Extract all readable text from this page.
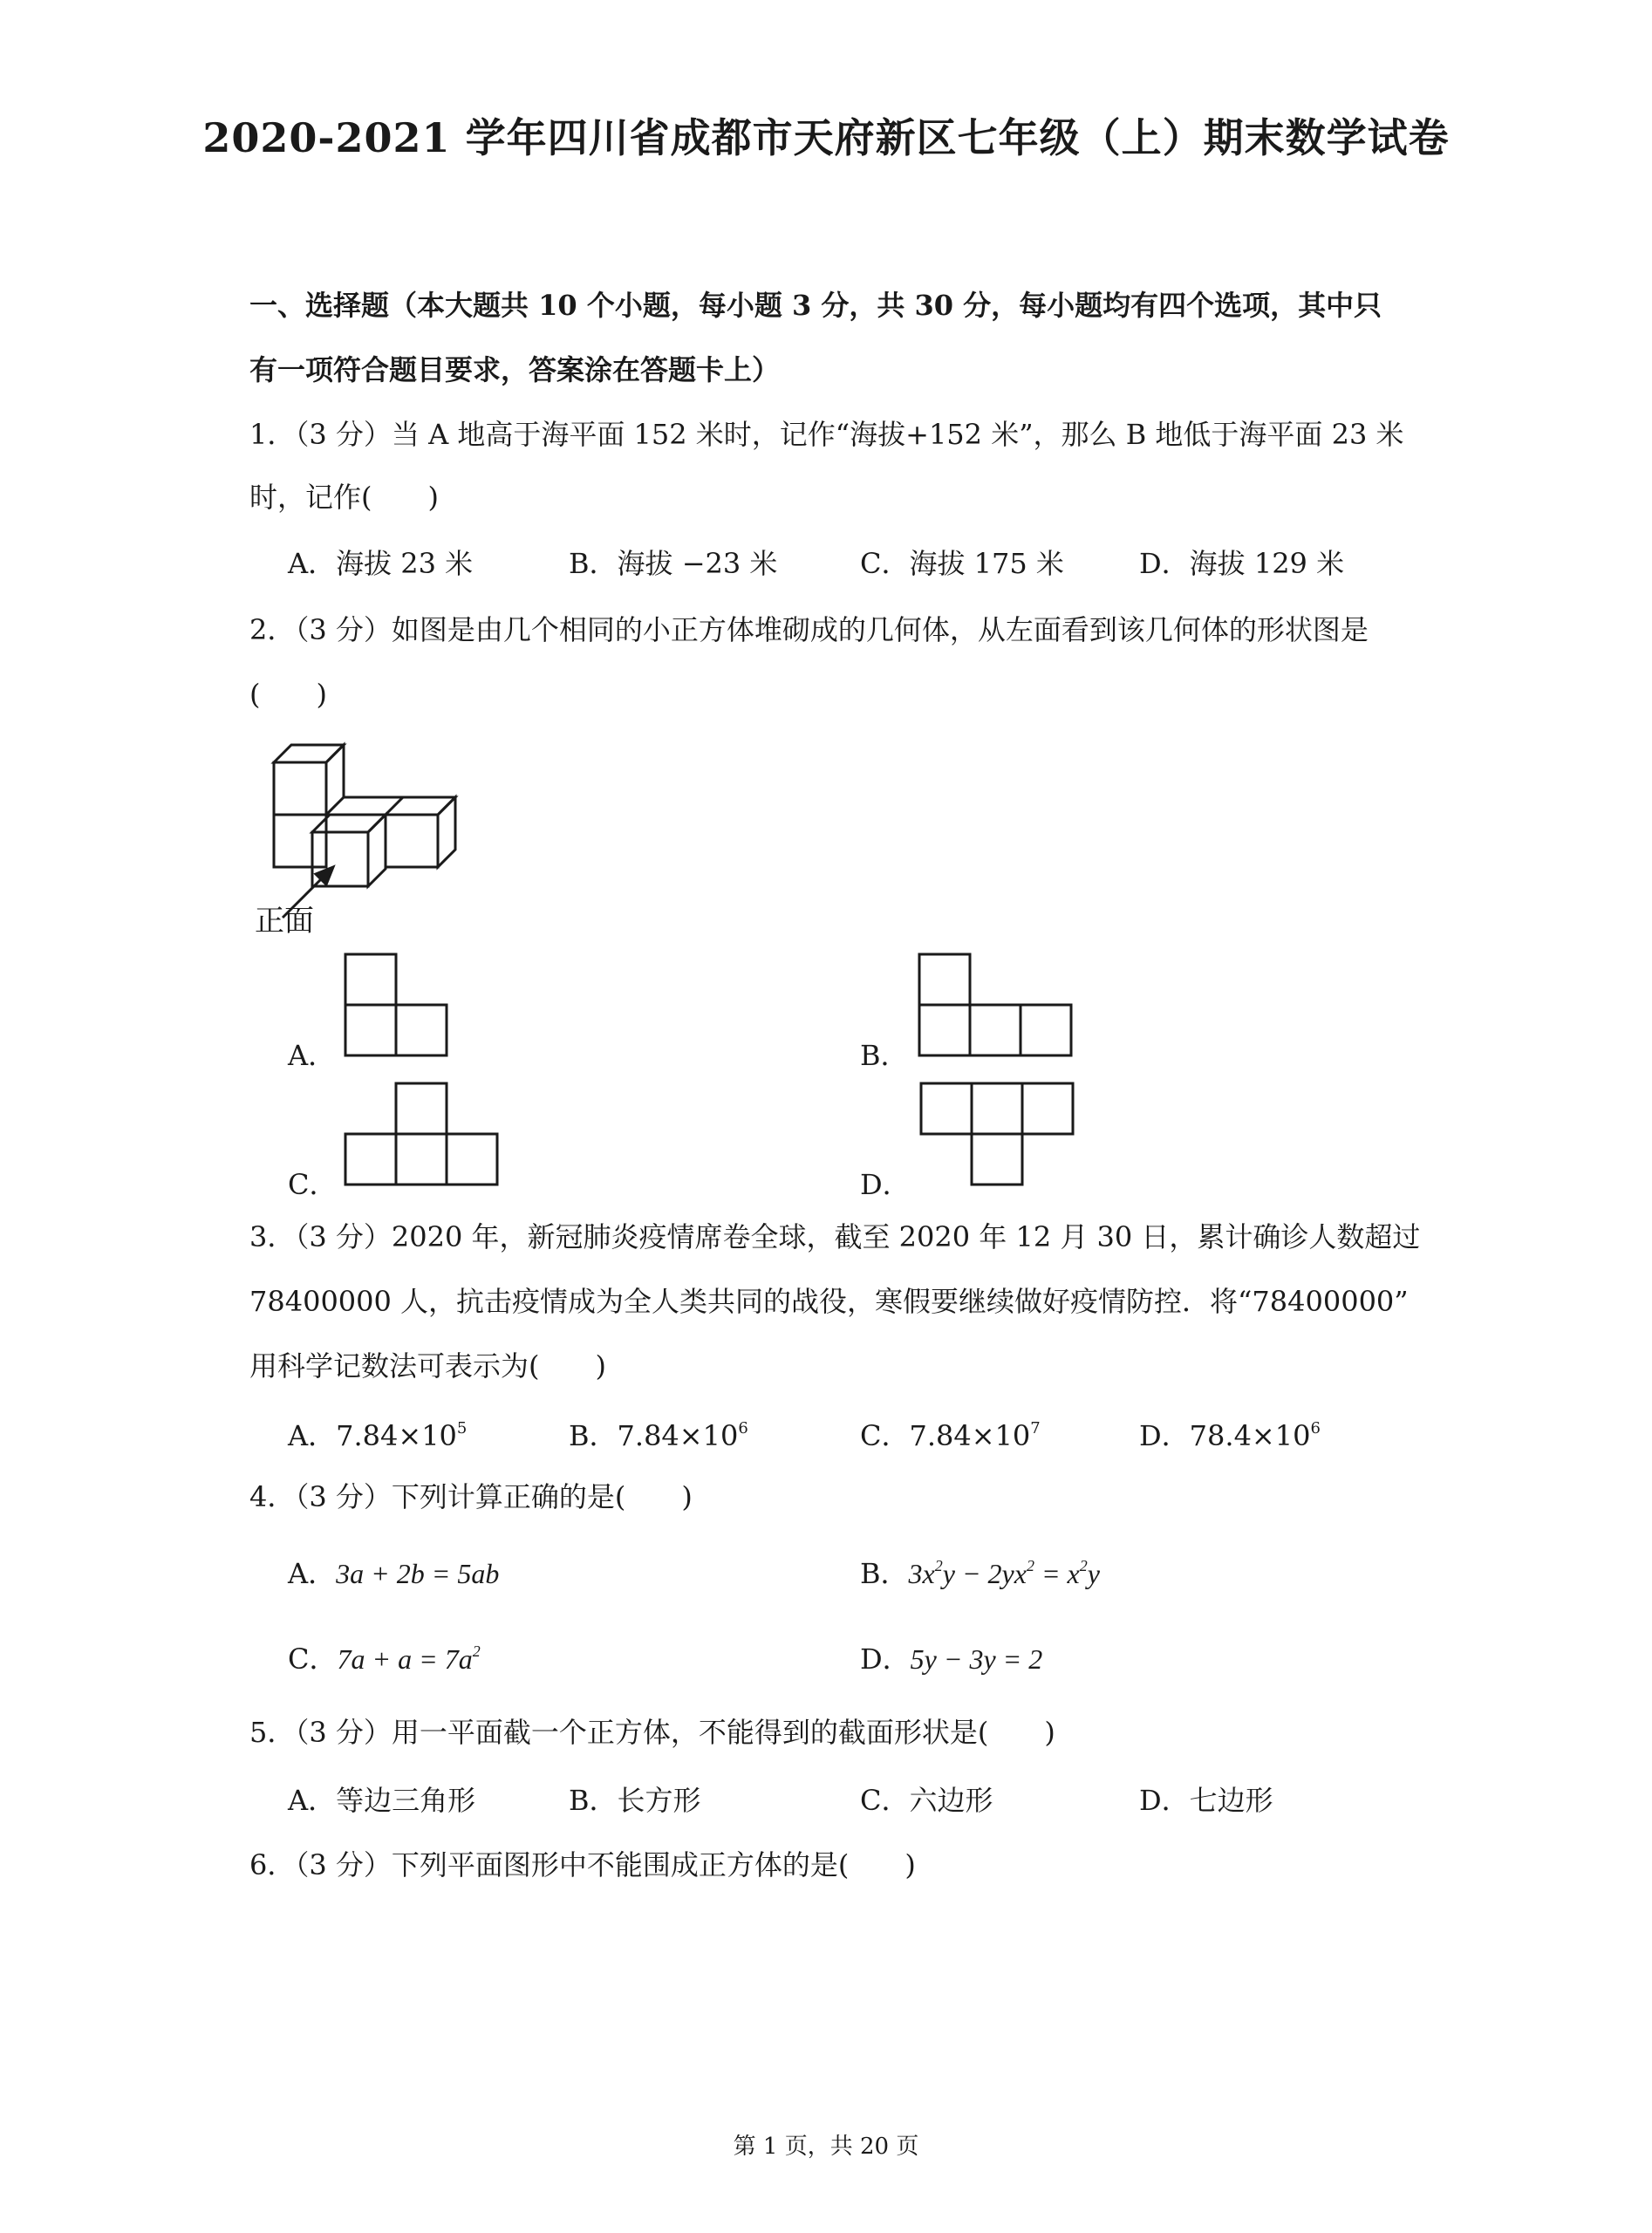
2020-2021 学年四川省成都市天府新区七年级（上）期末数学试卷
一、选择题（本大题共 10 个小题，每小题 3 分，共 30 分，每小题均有四个选项，其中只
有一项符合题目要求，答案涂在答题卡上）
1．（3 分）当 A 地高于海平面 152 米时，记作“海拔+152 米”，那么 B 地低于海平面 23 米
时，记作(　　)
A．海拔 23 米	B．海拔 −23 米	C．海拔 175 米	D．海拔 129 米
2．（3 分）如图是由几个相同的小正方体堆砌成的几何体，从左面看到该几何体的形状图是
(　　)
正面
A．	B．
C．	D．
3．（3 分）2020 年，新冠肺炎疫情席卷全球，截至 2020 年 12 月 30 日，累计确诊人数超过
78400000 人，抗击疫情成为全人类共同的战役，寒假要继续做好疫情防控．将“78400000”
用科学记数法可表示为(　　)
A．$7.84\times 10^5$	B．$7.84\times 10^6$	C．$7.84\times 10^7$	D．$78.4\times 10^6$
4．（3 分）下列计算正确的是(　　)
A．3a + 2b = 5ab	B．$3x^2y - 2yx^2 = x^2y$
C．$7a + a = 7a^2$	D．5y − 3y = 2
5．（3 分）用一平面截一个正方体，不能得到的截面形状是(　　)
A．等边三角形	B．长方形	C．六边形	D．七边形
6．（3 分）下列平面图形中不能围成正方体的是(　　)
第 1 页，共 20 页
